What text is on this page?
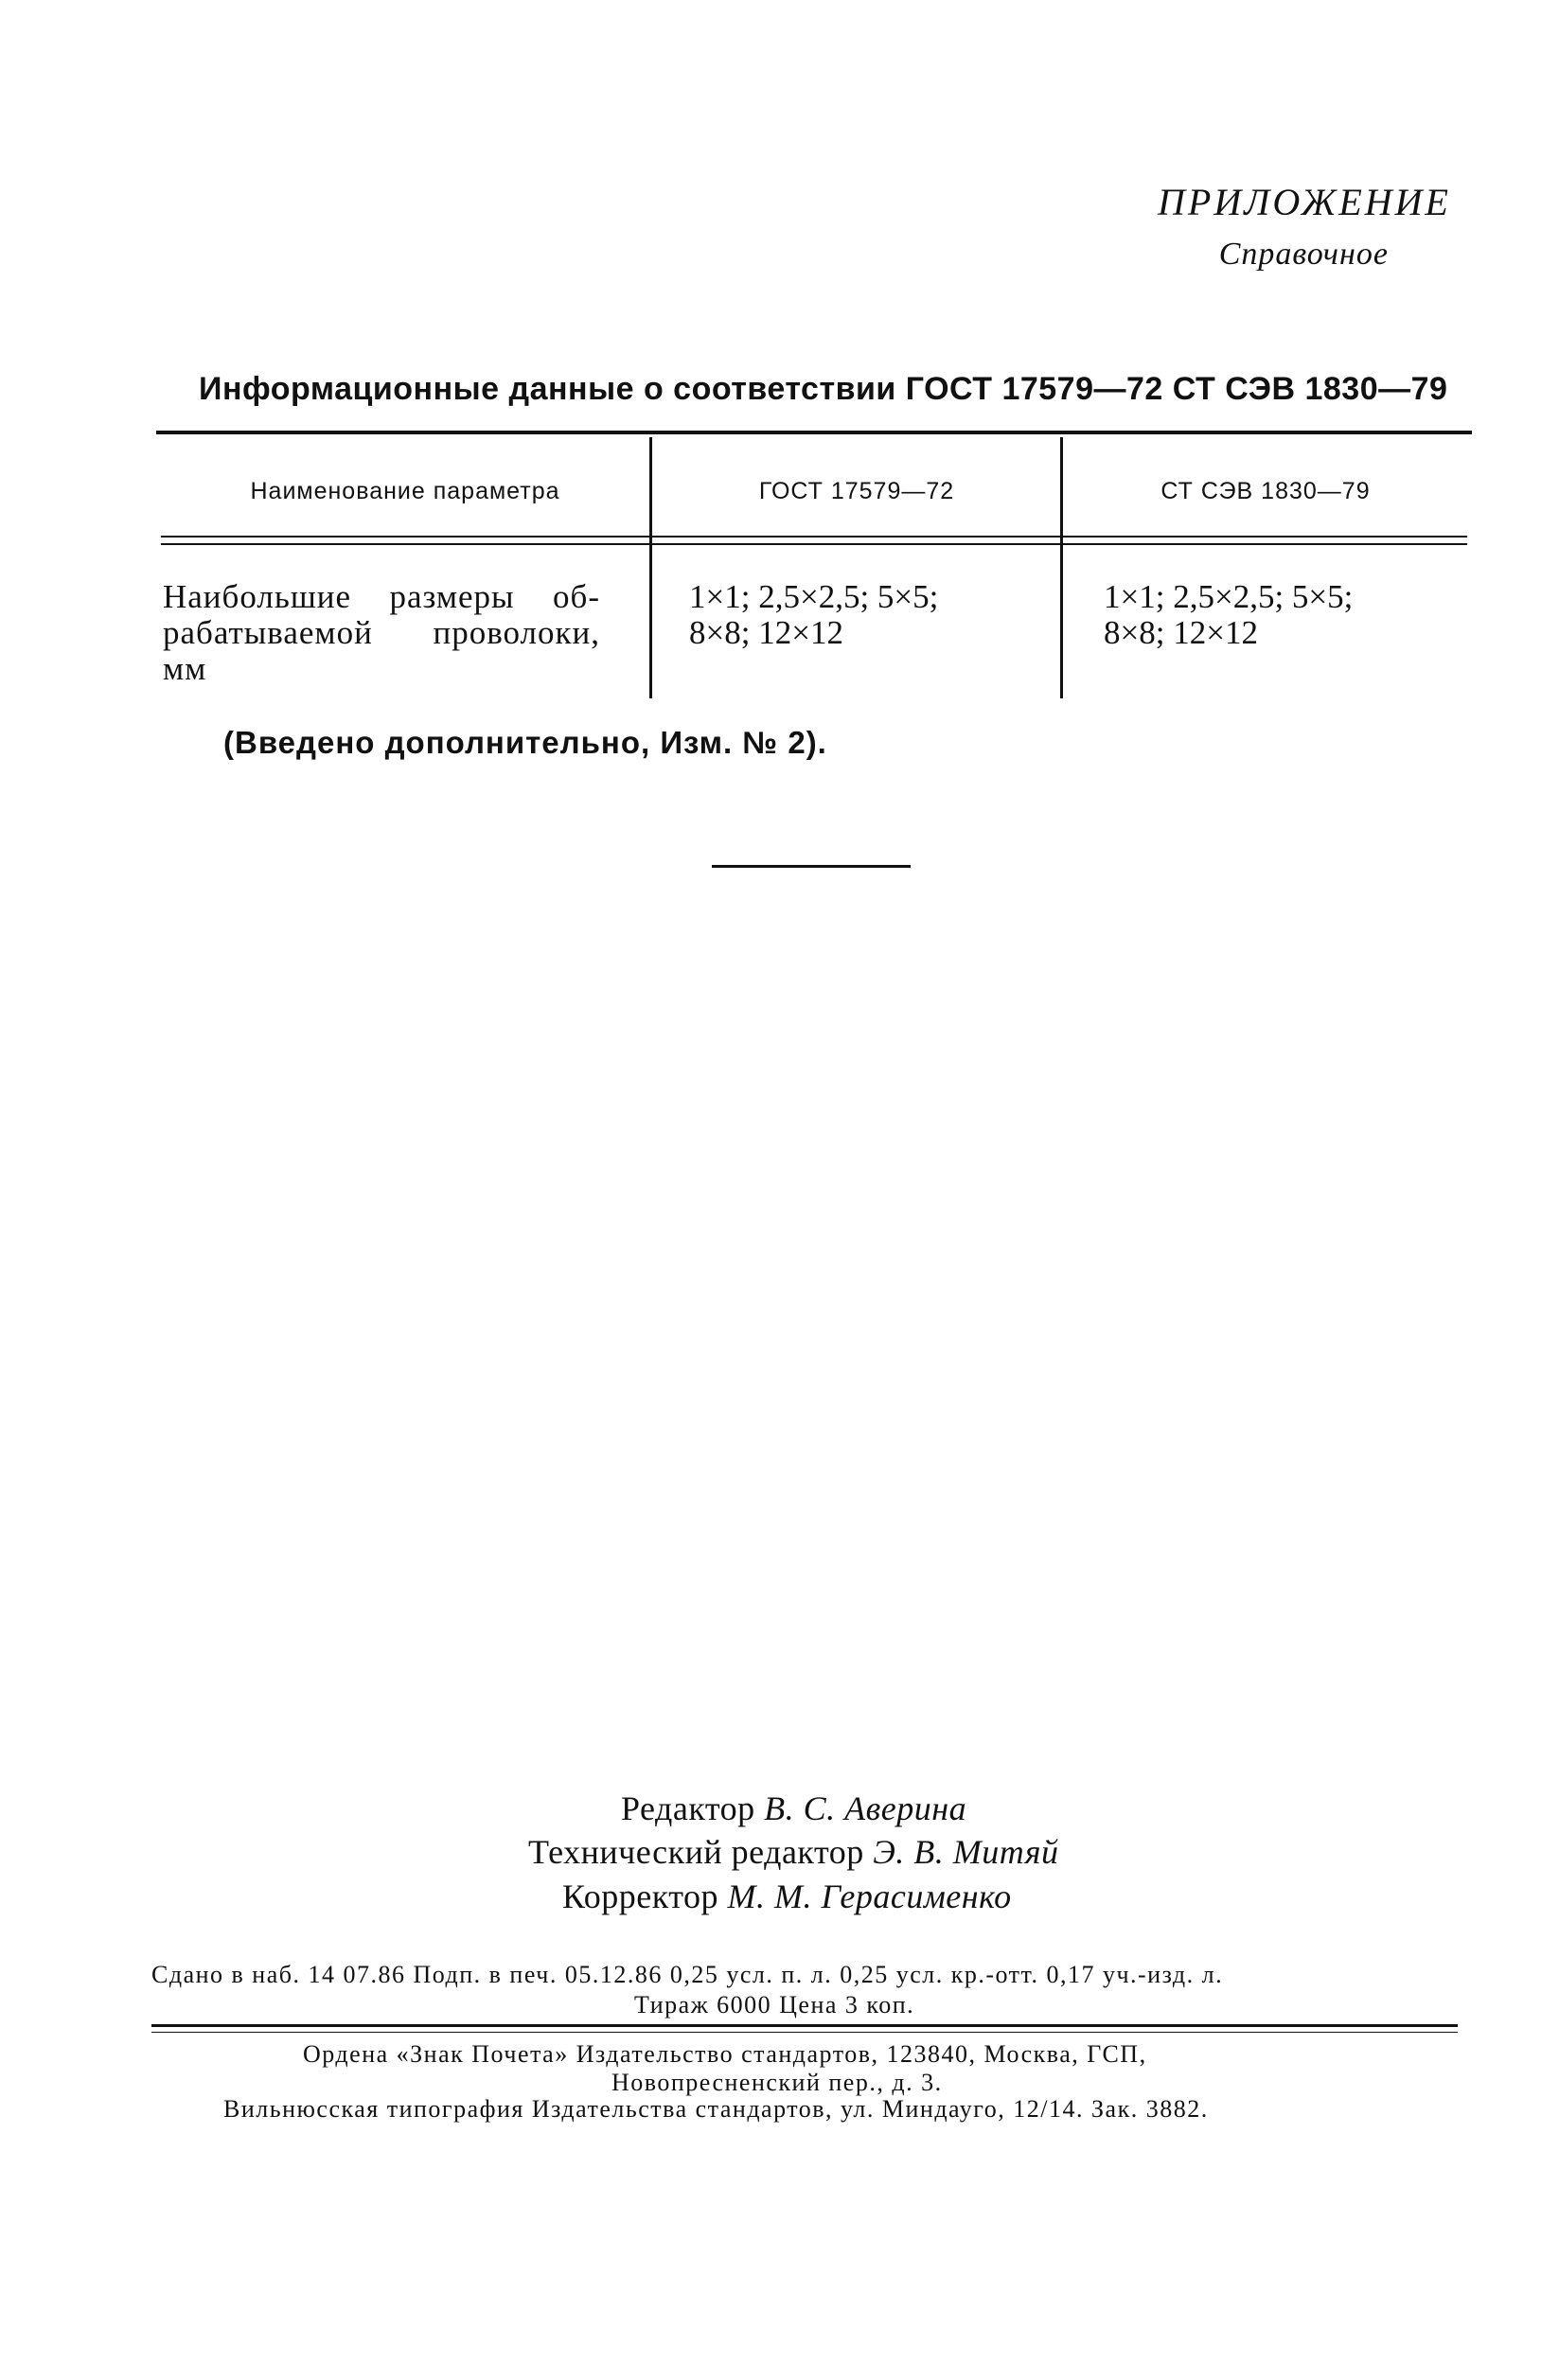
ПРИЛОЖЕНИЕ
Справочное
Информационные данные о соответствии ГОСТ 17579—72 СТ СЭВ 1830—79
Наименование параметра	ГОСТ 17579—72	СТ СЭВ 1830—79
Наибольшие размеры об-
рабатываемой проволоки,
мм
1×1; 2,5×2,5; 5×5;
8×8; 12×12
1×1; 2,5×2,5; 5×5;
8×8; 12×12
(Введено дополнительно, Изм. № 2).
Редактор В. С. Аверина
Технический редактор Э. В. Митяй
Корректор М. М. Герасименко
Сдано в наб. 14 07.86 Подп. в печ. 05.12.86 0,25 усл. п. л. 0,25 усл. кр.-отт. 0,17 уч.-изд. л.
Тираж 6000 Цена 3 коп.
Ордена «Знак Почета» Издательство стандартов, 123840, Москва, ГСП,
Новопресненский пер., д. 3.
Вильнюсская типография Издательства стандартов, ул. Миндауго, 12/14. Зак. 3882.
